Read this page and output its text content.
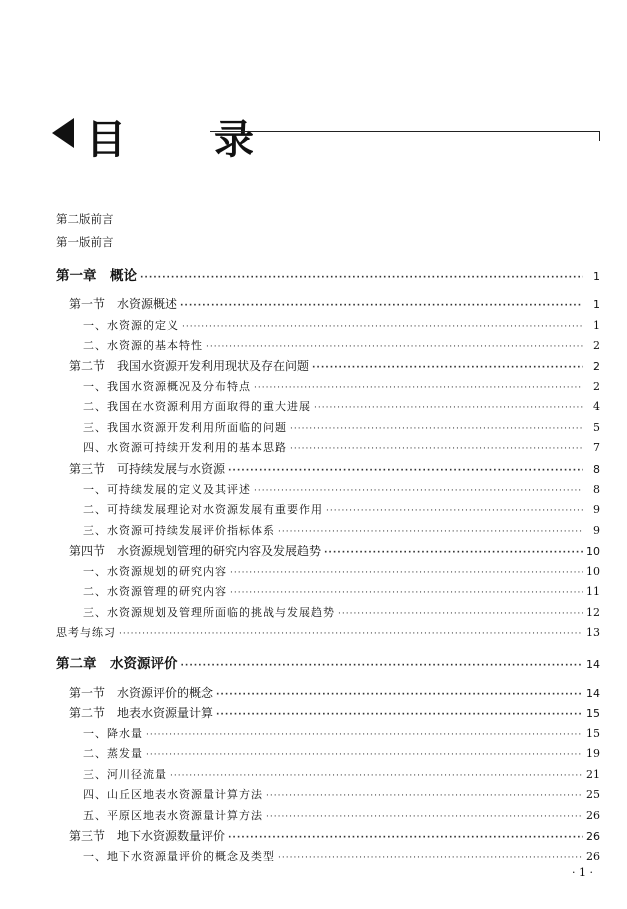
目　录
第二版前言
第一版前言
第一章　概论 ·····	1
第一节　水资源概述 ·····	1
一、水资源的定义 ·····	1
二、水资源的基本特性 ·····	2
第二节　我国水资源开发利用现状及存在问题 ·····	2
一、我国水资源概况及分布特点 ·····	2
二、我国在水资源利用方面取得的重大进展 ·····	4
三、我国水资源开发利用所面临的问题 ·····	5
四、水资源可持续开发利用的基本思路 ·····	7
第三节　可持续发展与水资源 ·····	8
一、可持续发展的定义及其评述 ·····	8
二、可持续发展理论对水资源发展有重要作用 ·····	9
三、水资源可持续发展评价指标体系 ·····	9
第四节　水资源规划管理的研究内容及发展趋势 ·····	10
一、水资源规划的研究内容 ·····	10
二、水资源管理的研究内容 ·····	11
三、水资源规划及管理所面临的挑战与发展趋势 ·····	12
思考与练习 ·····	13
第二章　水资源评价 ·····	14
第一节　水资源评价的概念 ·····	14
第二节　地表水资源量计算 ·····	15
一、降水量 ·····	15
二、蒸发量 ·····	19
三、河川径流量 ·····	21
四、山丘区地表水资源量计算方法 ·····	25
五、平原区地表水资源量计算方法 ·····	26
第三节　地下水资源数量评价 ·····	26
一、地下水资源量评价的概念及类型 ·····	26
· 1 ·
